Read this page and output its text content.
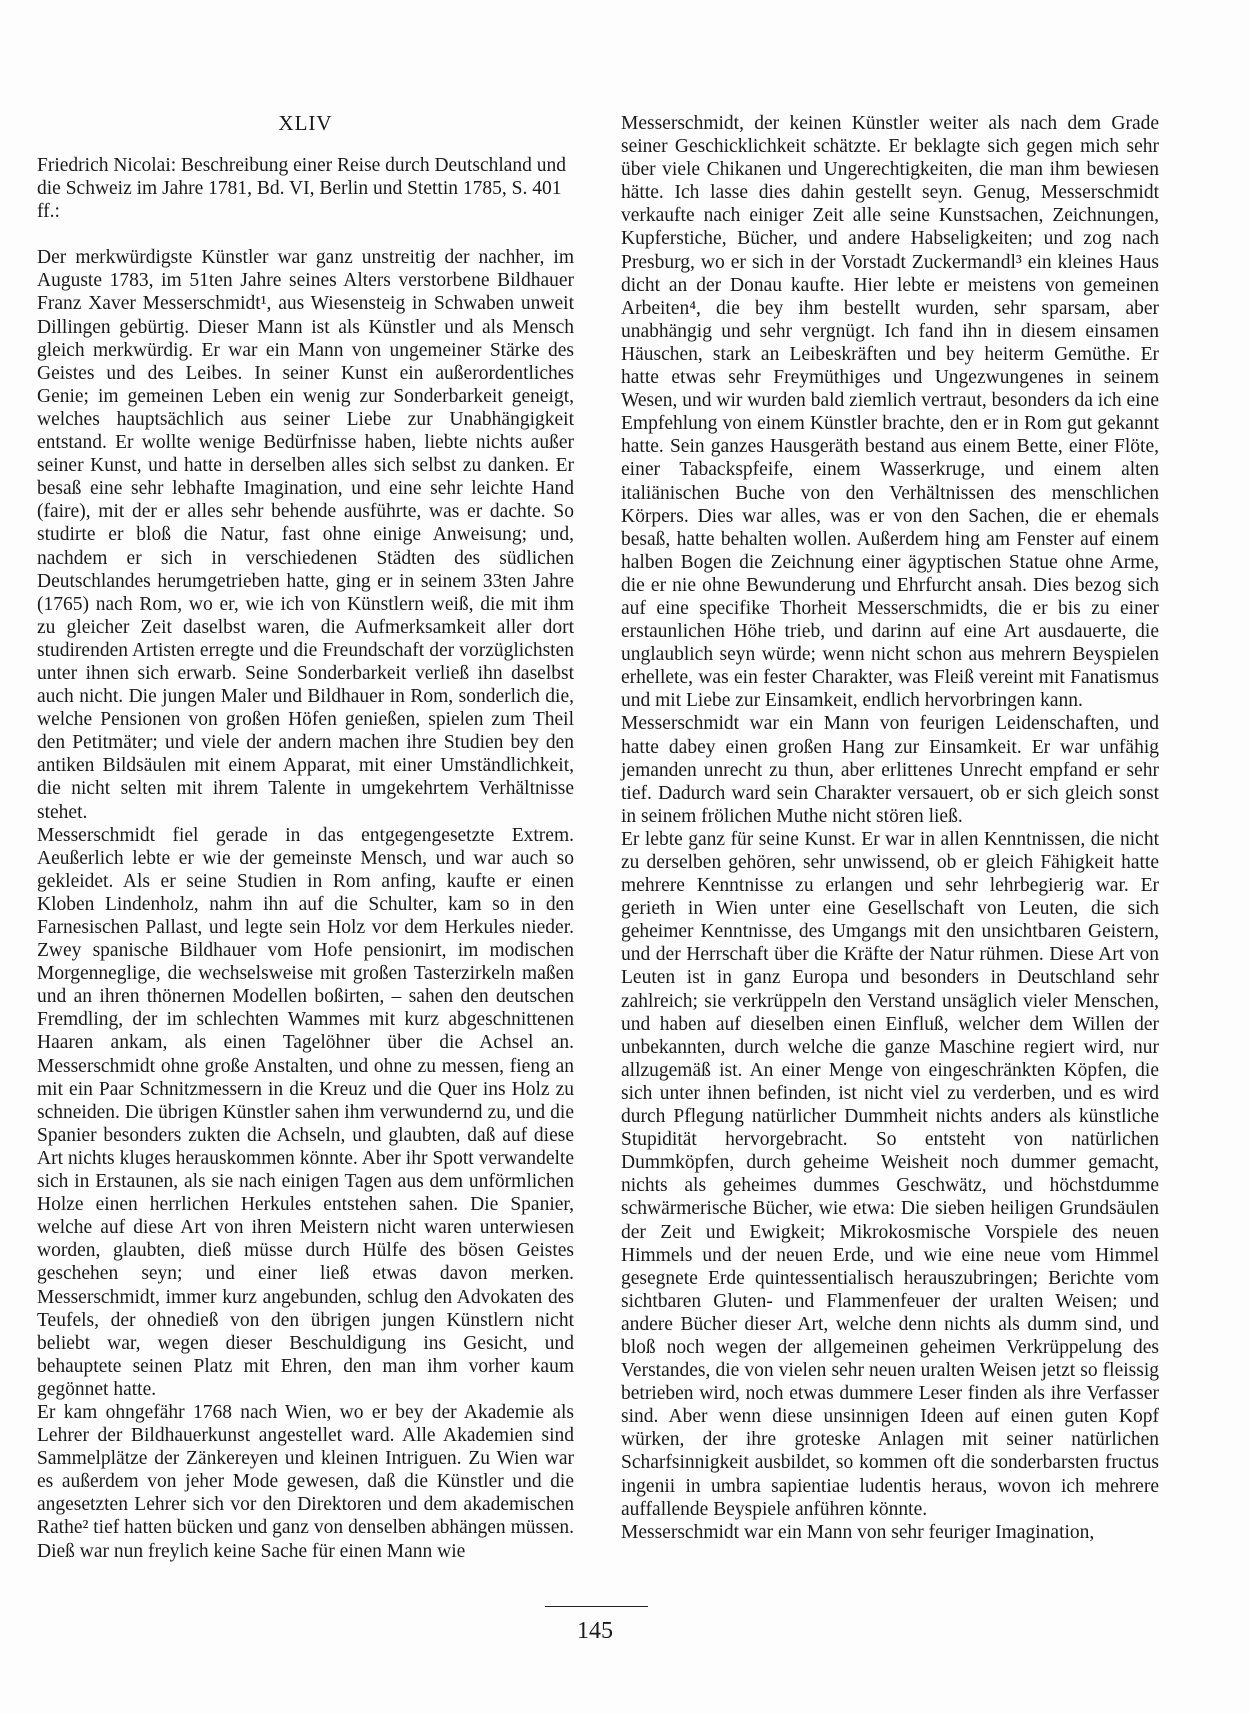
XLIV

Friedrich Nicolai: Beschreibung einer Reise durch Deutschland und die Schweiz im Jahre 1781, Bd. VI, Berlin und Stettin 1785, S. 401 ff.:

Der merkwürdigste Künstler war ganz unstreitig der nachher, im Auguste 1783, im 51ten Jahre seines Alters verstorbene Bildhauer Franz Xaver Messerschmidt¹, aus Wiesensteig in Schwaben unweit Dillingen gebürtig. Dieser Mann ist als Künstler und als Mensch gleich merkwürdig. Er war ein Mann von ungemeiner Stärke des Geistes und des Leibes. In seiner Kunst ein außerordentliches Genie; im gemeinen Leben ein wenig zur Sonderbarkeit geneigt, welches hauptsächlich aus seiner Liebe zur Unabhängigkeit entstand. Er wollte wenige Bedürfnisse haben, liebte nichts außer seiner Kunst, und hatte in derselben alles sich selbst zu danken. Er besaß eine sehr lebhafte Imagination, und eine sehr leichte Hand (faire), mit der er alles sehr behende ausführte, was er dachte. So studirte er bloß die Natur, fast ohne einige Anweisung; und, nachdem er sich in verschiedenen Städten des südlichen Deutschlandes herumgetrieben hatte, ging er in seinem 33ten Jahre (1765) nach Rom, wo er, wie ich von Künstlern weiß, die mit ihm zu gleicher Zeit daselbst waren, die Aufmerksamkeit aller dort studirenden Artisten erregte und die Freundschaft der vorzüglichsten unter ihnen sich erwarb. Seine Sonderbarkeit verließ ihn daselbst auch nicht. Die jungen Maler und Bildhauer in Rom, sonderlich die, welche Pensionen von großen Höfen genießen, spielen zum Theil den Petitmäter; und viele der andern machen ihre Studien bey den antiken Bildsäulen mit einem Apparat, mit einer Umständlichkeit, die nicht selten mit ihrem Talente in umgekehrtem Verhältnisse stehet.

Messerschmidt fiel gerade in das entgegengesetzte Extrem. Aeußerlich lebte er wie der gemeinste Mensch, und war auch so gekleidet. Als er seine Studien in Rom anfing, kaufte er einen Kloben Lindenholz, nahm ihn auf die Schulter, kam so in den Farnesischen Pallast, und legte sein Holz vor dem Herkules nieder. Zwey spanische Bildhauer vom Hofe pensionirt, im modischen Morgenneglige, die wechselsweise mit großen Tasterzirkeln maßen und an ihren thönernen Modellen boßirten, – sahen den deutschen Fremdling, der im schlechten Wammes mit kurz abgeschnittenen Haaren ankam, als einen Tagelöhner über die Achsel an. Messerschmidt ohne große Anstalten, und ohne zu messen, fieng an mit ein Paar Schnitzmessern in die Kreuz und die Quer ins Holz zu schneiden. Die übrigen Künstler sahen ihm verwundernd zu, und die Spanier besonders zukten die Achseln, und glaubten, daß auf diese Art nichts kluges herauskommen könnte. Aber ihr Spott verwandelte sich in Erstaunen, als sie nach einigen Tagen aus dem unförmlichen Holze einen herrlichen Herkules entstehen sahen. Die Spanier, welche auf diese Art von ihren Meistern nicht waren unterwiesen worden, glaubten, dieß müsse durch Hülfe des bösen Geistes geschehen seyn; und einer ließ etwas davon merken. Messerschmidt, immer kurz angebunden, schlug den Advokaten des Teufels, der ohnedieß von den übrigen jungen Künstlern nicht beliebt war, wegen dieser Beschuldigung ins Gesicht, und behauptete seinen Platz mit Ehren, den man ihm vorher kaum gegönnet hatte.

Er kam ohngefähr 1768 nach Wien, wo er bey der Akademie als Lehrer der Bildhauerkunst angestellet ward. Alle Akademien sind Sammelplätze der Zänkereyen und kleinen Intriguen. Zu Wien war es außerdem von jeher Mode gewesen, daß die Künstler und die angesetzten Lehrer sich vor den Direktoren und dem akademischen Rathe² tief hatten bücken und ganz von denselben abhängen müssen. Dieß war nun freylich keine Sache für einen Mann wie

Messerschmidt, der keinen Künstler weiter als nach dem Grade seiner Geschicklichkeit schätzte. Er beklagte sich gegen mich sehr über viele Chikanen und Ungerechtigkeiten, die man ihm bewiesen hätte. Ich lasse dies dahin gestellt seyn. Genug, Messerschmidt verkaufte nach einiger Zeit alle seine Kunstsachen, Zeichnungen, Kupferstiche, Bücher, und andere Habseligkeiten; und zog nach Presburg, wo er sich in der Vorstadt Zuckermandl³ ein kleines Haus dicht an der Donau kaufte. Hier lebte er meistens von gemeinen Arbeiten⁴, die bey ihm bestellt wurden, sehr sparsam, aber unabhängig und sehr vergnügt. Ich fand ihn in diesem einsamen Häuschen, stark an Leibeskräften und bey heiterm Gemüthe. Er hatte etwas sehr Freymüthiges und Ungezwungenes in seinem Wesen, und wir wurden bald ziemlich vertraut, besonders da ich eine Empfehlung von einem Künstler brachte, den er in Rom gut gekannt hatte. Sein ganzes Hausgeräth bestand aus einem Bette, einer Flöte, einer Tabackspfeife, einem Wasserkruge, und einem alten italiänischen Buche von den Verhältnissen des menschlichen Körpers. Dies war alles, was er von den Sachen, die er ehemals besaß, hatte behalten wollen. Außerdem hing am Fenster auf einem halben Bogen die Zeichnung einer ägyptischen Statue ohne Arme, die er nie ohne Bewunderung und Ehrfurcht ansah. Dies bezog sich auf eine specifike Thorheit Messerschmidts, die er bis zu einer erstaunlichen Höhe trieb, und darinn auf eine Art ausdauerte, die unglaublich seyn würde; wenn nicht schon aus mehrern Beyspielen erhellete, was ein fester Charakter, was Fleiß vereint mit Fanatismus und mit Liebe zur Einsamkeit, endlich hervorbringen kann.

Messerschmidt war ein Mann von feurigen Leidenschaften, und hatte dabey einen großen Hang zur Einsamkeit. Er war unfähig jemanden unrecht zu thun, aber erlittenes Unrecht empfand er sehr tief. Dadurch ward sein Charakter versauert, ob er sich gleich sonst in seinem frölichen Muthe nicht stören ließ.

Er lebte ganz für seine Kunst. Er war in allen Kenntnissen, die nicht zu derselben gehören, sehr unwissend, ob er gleich Fähigkeit hatte mehrere Kenntnisse zu erlangen und sehr lehrbegierig war. Er gerieth in Wien unter eine Gesellschaft von Leuten, die sich geheimer Kenntnisse, des Umgangs mit den unsichtbaren Geistern, und der Herrschaft über die Kräfte der Natur rühmen. Diese Art von Leuten ist in ganz Europa und besonders in Deutschland sehr zahlreich; sie verkrüppeln den Verstand unsäglich vieler Menschen, und haben auf dieselben einen Einfluß, welcher dem Willen der unbekannten, durch welche die ganze Maschine regiert wird, nur allzugemäß ist. An einer Menge von eingeschränkten Köpfen, die sich unter ihnen befinden, ist nicht viel zu verderben, und es wird durch Pflegung natürlicher Dummheit nichts anders als künstliche Stupidität hervorgebracht. So entsteht von natürlichen Dummköpfen, durch geheime Weisheit noch dummer gemacht, nichts als geheimes dummes Geschwätz, und höchstdumme schwärmerische Bücher, wie etwa: Die sieben heiligen Grundsäulen der Zeit und Ewigkeit; Mikrokosmische Vorspiele des neuen Himmels und der neuen Erde, und wie eine neue vom Himmel gesegnete Erde quintessentialisch herauszubringen; Berichte vom sichtbaren Gluten- und Flammenfeuer der uralten Weisen; und andere Bücher dieser Art, welche denn nichts als dumm sind, und bloß noch wegen der allgemeinen geheimen Verkrüppelung des Verstandes, die von vielen sehr neuen uralten Weisen jetzt so fleissig betrieben wird, noch etwas dummere Leser finden als ihre Verfasser sind. Aber wenn diese unsinnigen Ideen auf einen guten Kopf würken, der ihre groteske Anlagen mit seiner natürlichen Scharfsinnigkeit ausbildet, so kommen oft die sonderbarsten fructus ingenii in umbra sapientiae ludentis heraus, wovon ich mehrere auffallende Beyspiele anführen könnte.

Messerschmidt war ein Mann von sehr feuriger Imagination,

145
